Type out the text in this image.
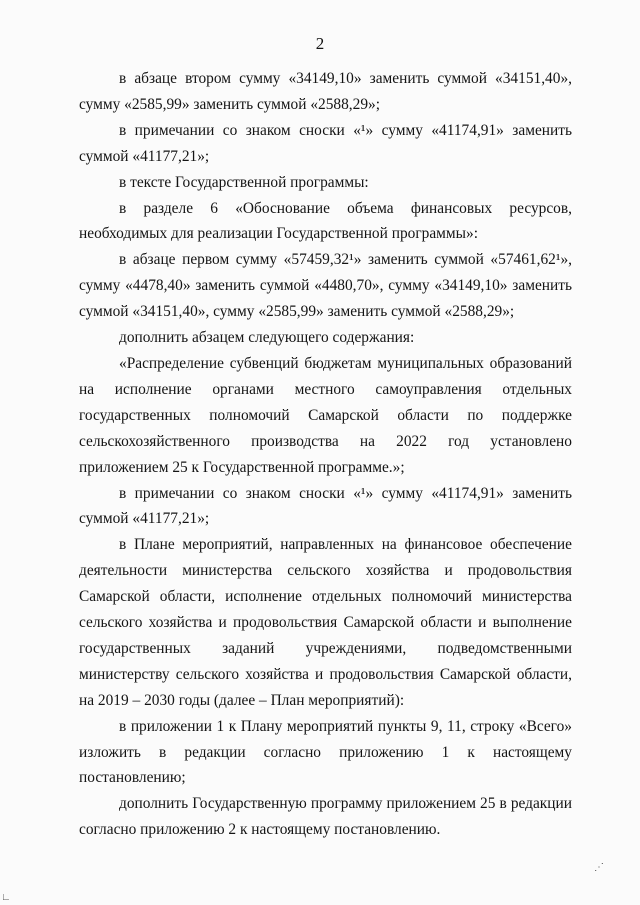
2

в абзаце втором сумму «34149,10» заменить суммой «34151,40», сумму «2585,99» заменить суммой «2588,29»;

в примечании со знаком сноски «¹» сумму «41174,91» заменить суммой «41177,21»;

в тексте Государственной программы:

в разделе 6 «Обоснование объема финансовых ресурсов, необходимых для реализации Государственной программы»:

в абзаце первом сумму «57459,32¹» заменить суммой «57461,62¹», сумму «4478,40» заменить суммой «4480,70», сумму «34149,10» заменить суммой «34151,40», сумму «2585,99» заменить суммой «2588,29»;

дополнить абзацем следующего содержания:

«Распределение субвенций бюджетам муниципальных образований на исполнение органами местного самоуправления отдельных государственных полномочий Самарской области по поддержке сельскохозяйственного производства на 2022 год установлено приложением 25 к Государственной программе.»;

в примечании со знаком сноски «¹» сумму «41174,91» заменить суммой «41177,21»;

в Плане мероприятий, направленных на финансовое обеспечение деятельности министерства сельского хозяйства и продовольствия Самарской области, исполнение отдельных полномочий министерства сельского хозяйства и продовольствия Самарской области и выполнение государственных заданий учреждениями, подведомственными министерству сельского хозяйства и продовольствия Самарской области, на 2019 – 2030 годы (далее – План мероприятий):

в приложении 1 к Плану мероприятий пункты 9, 11, строку «Всего» изложить в редакции согласно приложению 1 к настоящему постановлению;

дополнить Государственную программу приложением 25 в редакции согласно приложению 2 к настоящему постановлению.

⋰
∟
